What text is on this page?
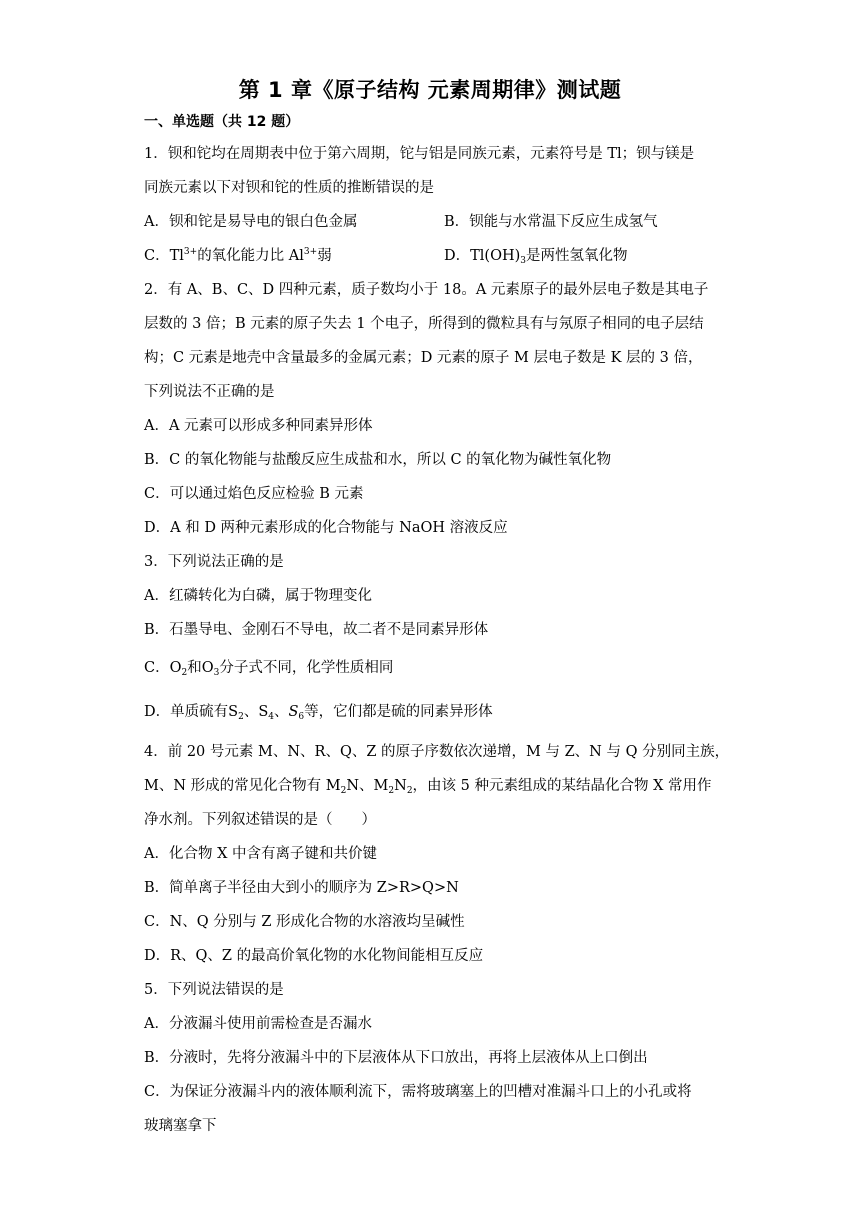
第 1 章《原子结构 元素周期律》测试题
一、单选题（共 12 题）
1．钡和铊均在周期表中位于第六周期，铊与铝是同族元素，元素符号是 Tl；钡与镁是
同族元素以下对钡和铊的性质的推断错误的是
A．钡和铊是易导电的银白色金属	B．钡能与水常温下反应生成氢气
C．$Tl^{3+}$的氧化能力比 $Al^{3+}$弱	D．$Tl(OH)_3$是两性氢氧化物
2．有 A、B、C、D 四种元素，质子数均小于 18。A 元素原子的最外层电子数是其电子
层数的 3 倍；B 元素的原子失去 1 个电子，所得到的微粒具有与氖原子相同的电子层结
构；C 元素是地壳中含量最多的金属元素；D 元素的原子 M 层电子数是 K 层的 3 倍，
下列说法不正确的是
A．A 元素可以形成多种同素异形体
B．C 的氧化物能与盐酸反应生成盐和水，所以 C 的氧化物为碱性氧化物
C．可以通过焰色反应检验 B 元素
D．A 和 D 两种元素形成的化合物能与 NaOH 溶液反应
3．下列说法正确的是
A．红磷转化为白磷，属于物理变化
B．石墨导电、金刚石不导电，故二者不是同素异形体
C．$O_2$和$O_3$分子式不同，化学性质相同
D．单质硫有$S_2$、$S_4$、$S_6$等，它们都是硫的同素异形体
4．前 20 号元素 M、N、R、Q、Z 的原子序数依次递增，M 与 Z、N 与 Q 分别同主族，
M、N 形成的常见化合物有 $M_2N$、$M_2N_2$，由该 5 种元素组成的某结晶化合物 X 常用作
净水剂。下列叙述错误的是（　　）
A．化合物 X 中含有离子键和共价键
B．简单离子半径由大到小的顺序为 Z>R>Q>N
C．N、Q 分别与 Z 形成化合物的水溶液均呈碱性
D．R、Q、Z 的最高价氧化物的水化物间能相互反应
5．下列说法错误的是
A．分液漏斗使用前需检查是否漏水
B．分液时，先将分液漏斗中的下层液体从下口放出，再将上层液体从上口倒出
C．为保证分液漏斗内的液体顺利流下，需将玻璃塞上的凹槽对准漏斗口上的小孔或将
玻璃塞拿下
